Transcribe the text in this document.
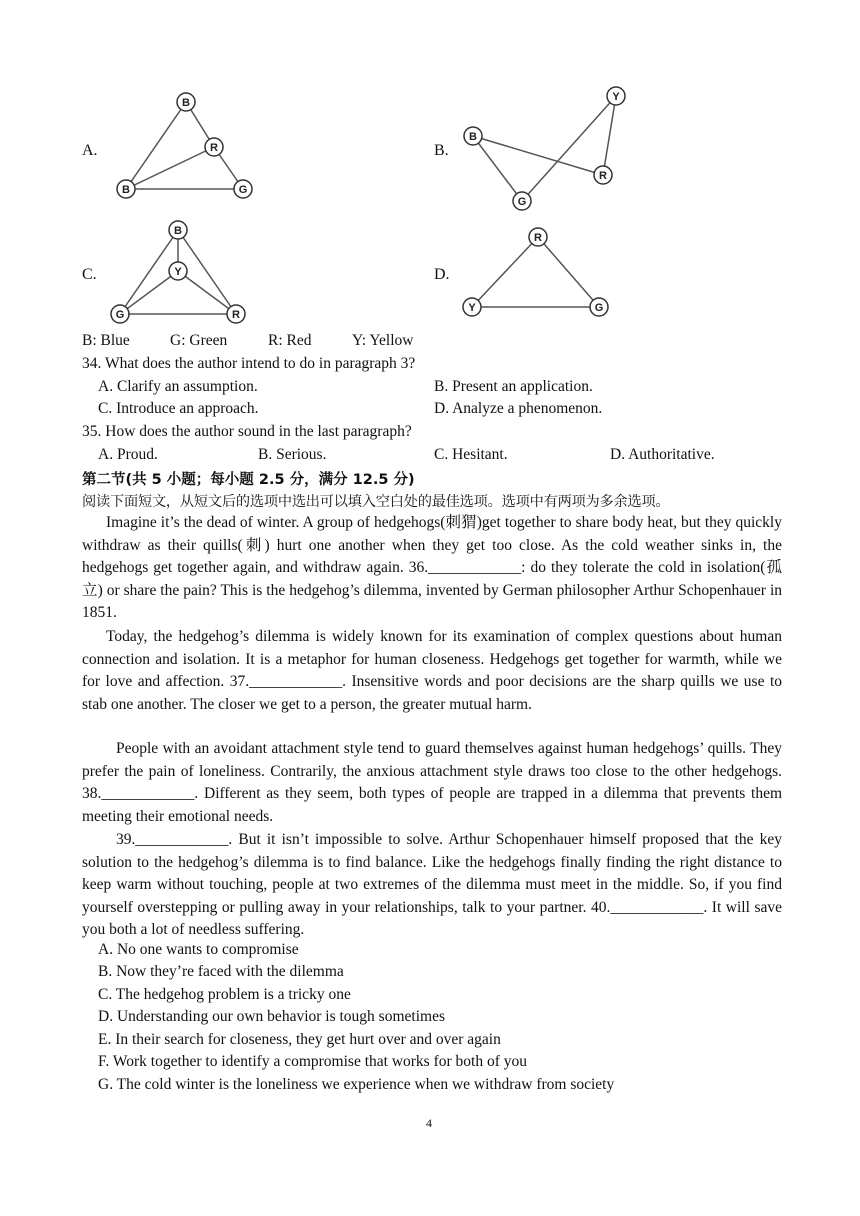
A.	B.
C.	D.
B
R
B	G
B
Y
R
G
B
Y
G	R
R
Y	G
B: Blue	G: Green	R: Red	Y: Yellow
34. What does the author intend to do in paragraph 3?
A. Clarify an assumption.	B. Present an application.
C. Introduce an approach.	D. Analyze a phenomenon.
35. How does the author sound in the last paragraph?
A. Proud.	B. Serious.	C. Hesitant.	D. Authoritative.
第二节(共 5 小题；每小题 2.5 分，满分 12.5 分)
阅读下面短文，从短文后的选项中选出可以填入空白处的最佳选项。选项中有两项为多余选项。
Imagine it’s the dead of winter. A group of hedgehogs(刺猬)get together to share body heat, but they quickly withdraw as their quills(刺) hurt one another when they get too close. As the cold weather sinks in, the hedgehogs get together again, and withdraw again. 36.____________: do they tolerate the cold in isolation(孤立) or share the pain? This is the hedgehog’s dilemma, invented by German philosopher Arthur Schopenhauer in 1851.
Today, the hedgehog’s dilemma is widely known for its examination of complex questions about human connection and isolation. It is a metaphor for human closeness. Hedgehogs get together for warmth, while we for love and affection. 37.____________. Insensitive words and poor decisions are the sharp quills we use to stab one another. The closer we get to a person, the greater mutual harm.
People with an avoidant attachment style tend to guard themselves against human hedgehogs’ quills. They prefer the pain of loneliness. Contrarily, the anxious attachment style draws too close to the other hedgehogs. 38.____________. Different as they seem, both types of people are trapped in a dilemma that prevents them meeting their emotional needs.
39.____________. But it isn’t impossible to solve. Arthur Schopenhauer himself proposed that the key solution to the hedgehog’s dilemma is to find balance. Like the hedgehogs finally finding the right distance to keep warm without touching, people at two extremes of the dilemma must meet in the middle. So, if you find yourself overstepping or pulling away in your relationships, talk to your partner. 40.____________. It will save you both a lot of needless suffering.
A. No one wants to compromise
B. Now they’re faced with the dilemma
C. The hedgehog problem is a tricky one
D. Understanding our own behavior is tough sometimes
E. In their search for closeness, they get hurt over and over again
F. Work together to identify a compromise that works for both of you
G. The cold winter is the loneliness we experience when we withdraw from society
4
